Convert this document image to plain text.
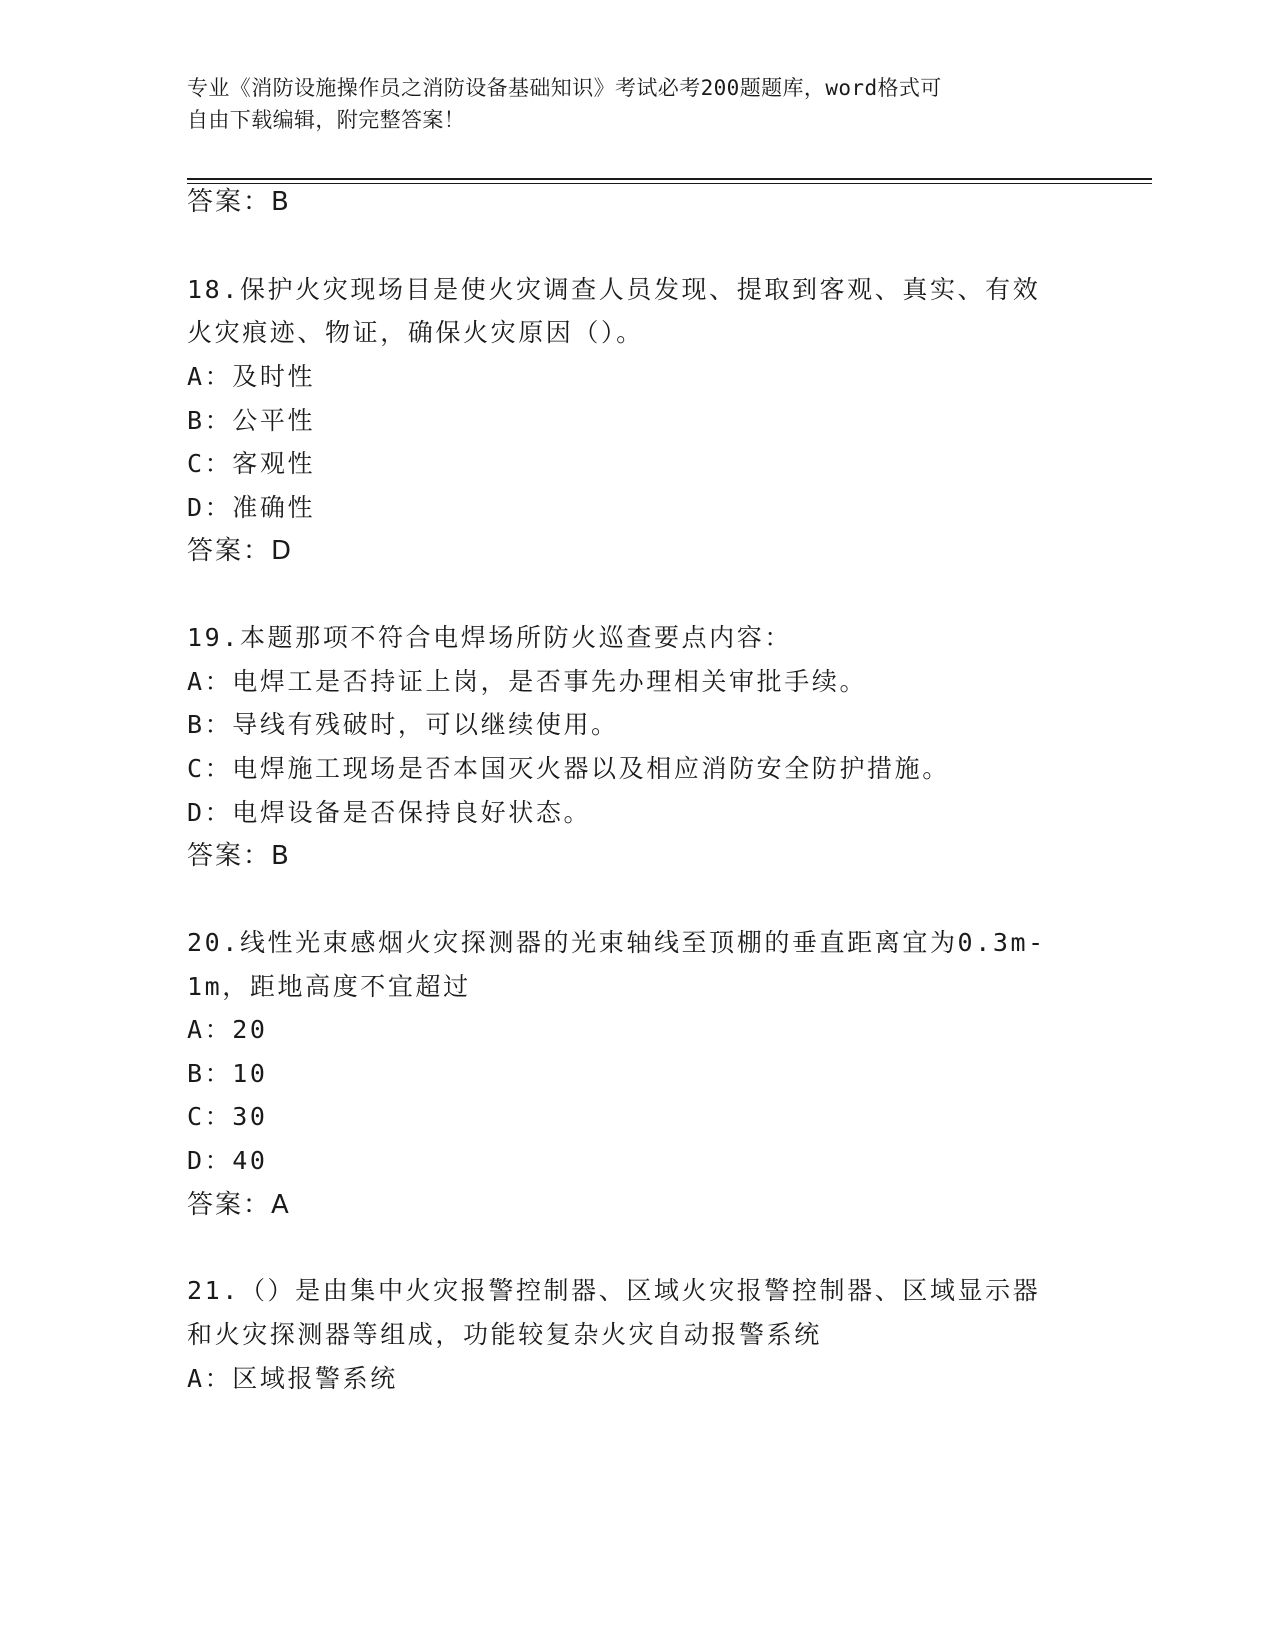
专业《消防设施操作员之消防设备基础知识》考试必考200题题库，word格式可
自由下载编辑，附完整答案！
答案：B
18.保护火灾现场目是使火灾调查人员发现、提取到客观、真实、有效
火灾痕迹、物证，确保火灾原因（）。
A：及时性
B：公平性
C：客观性
D：准确性
答案：D
19.本题那项不符合电焊场所防火巡查要点内容：
A：电焊工是否持证上岗，是否事先办理相关审批手续。
B：导线有残破时，可以继续使用。
C：电焊施工现场是否本国灭火器以及相应消防安全防护措施。
D：电焊设备是否保持良好状态。
答案：B
20.线性光束感烟火灾探测器的光束轴线至顶棚的垂直距离宜为0.3m-
1m，距地高度不宜超过
A：20
B：10
C：30
D：40
答案：A
21.（）是由集中火灾报警控制器、区域火灾报警控制器、区域显示器
和火灾探测器等组成，功能较复杂火灾自动报警系统
A：区域报警系统
